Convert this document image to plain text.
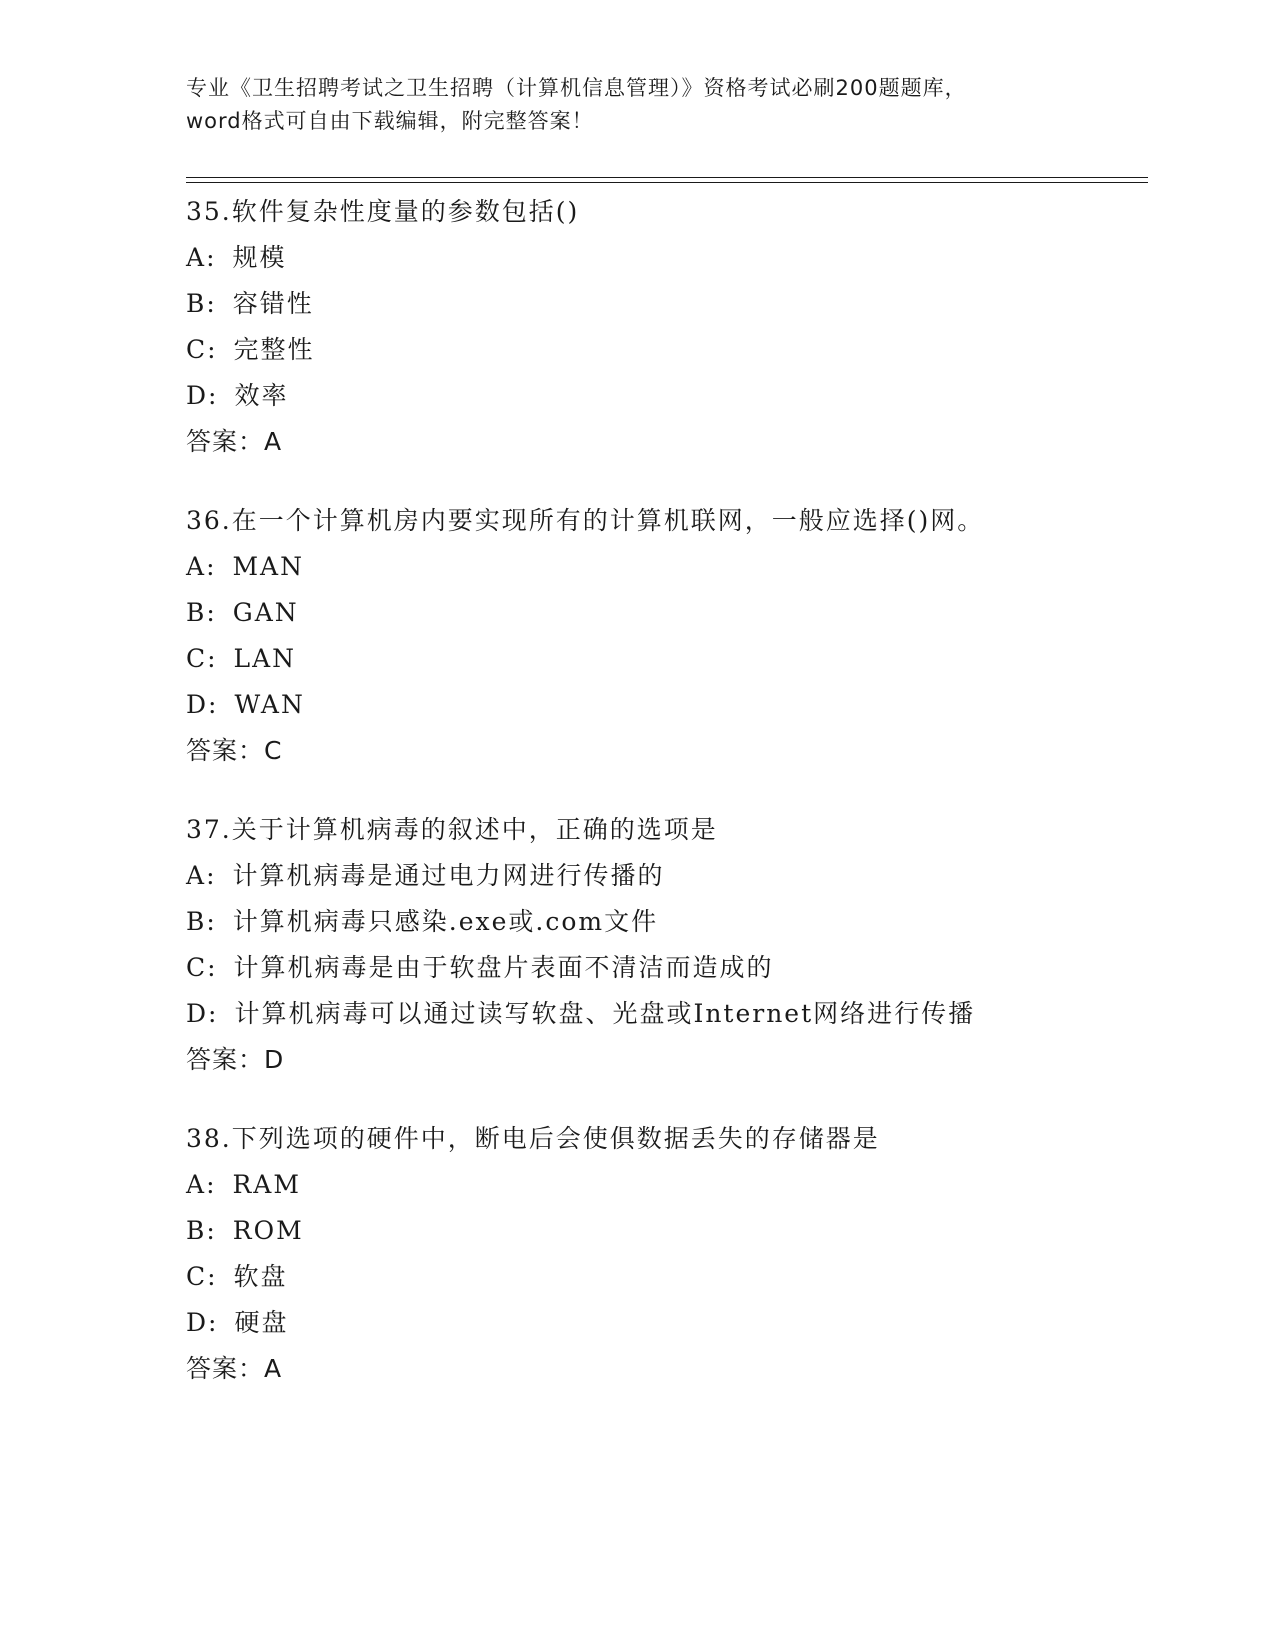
专业《卫生招聘考试之卫生招聘（计算机信息管理）》资格考试必刷200题题库，
word格式可自由下载编辑，附完整答案！
35.软件复杂性度量的参数包括()
A: 规模
B: 容错性
C: 完整性
D: 效率
答案：A
36.在一个计算机房内要实现所有的计算机联网，一般应选择()网。
A: MAN
B: GAN
C: LAN
D: WAN
答案：C
37.关于计算机病毒的叙述中，正确的选项是
A: 计算机病毒是通过电力网进行传播的
B: 计算机病毒只感染.exe或.com文件
C: 计算机病毒是由于软盘片表面不清洁而造成的
D: 计算机病毒可以通过读写软盘、光盘或Internet网络进行传播
答案：D
38.下列选项的硬件中，断电后会使俱数据丢失的存储器是
A: RAM
B: ROM
C: 软盘
D: 硬盘
答案：A
